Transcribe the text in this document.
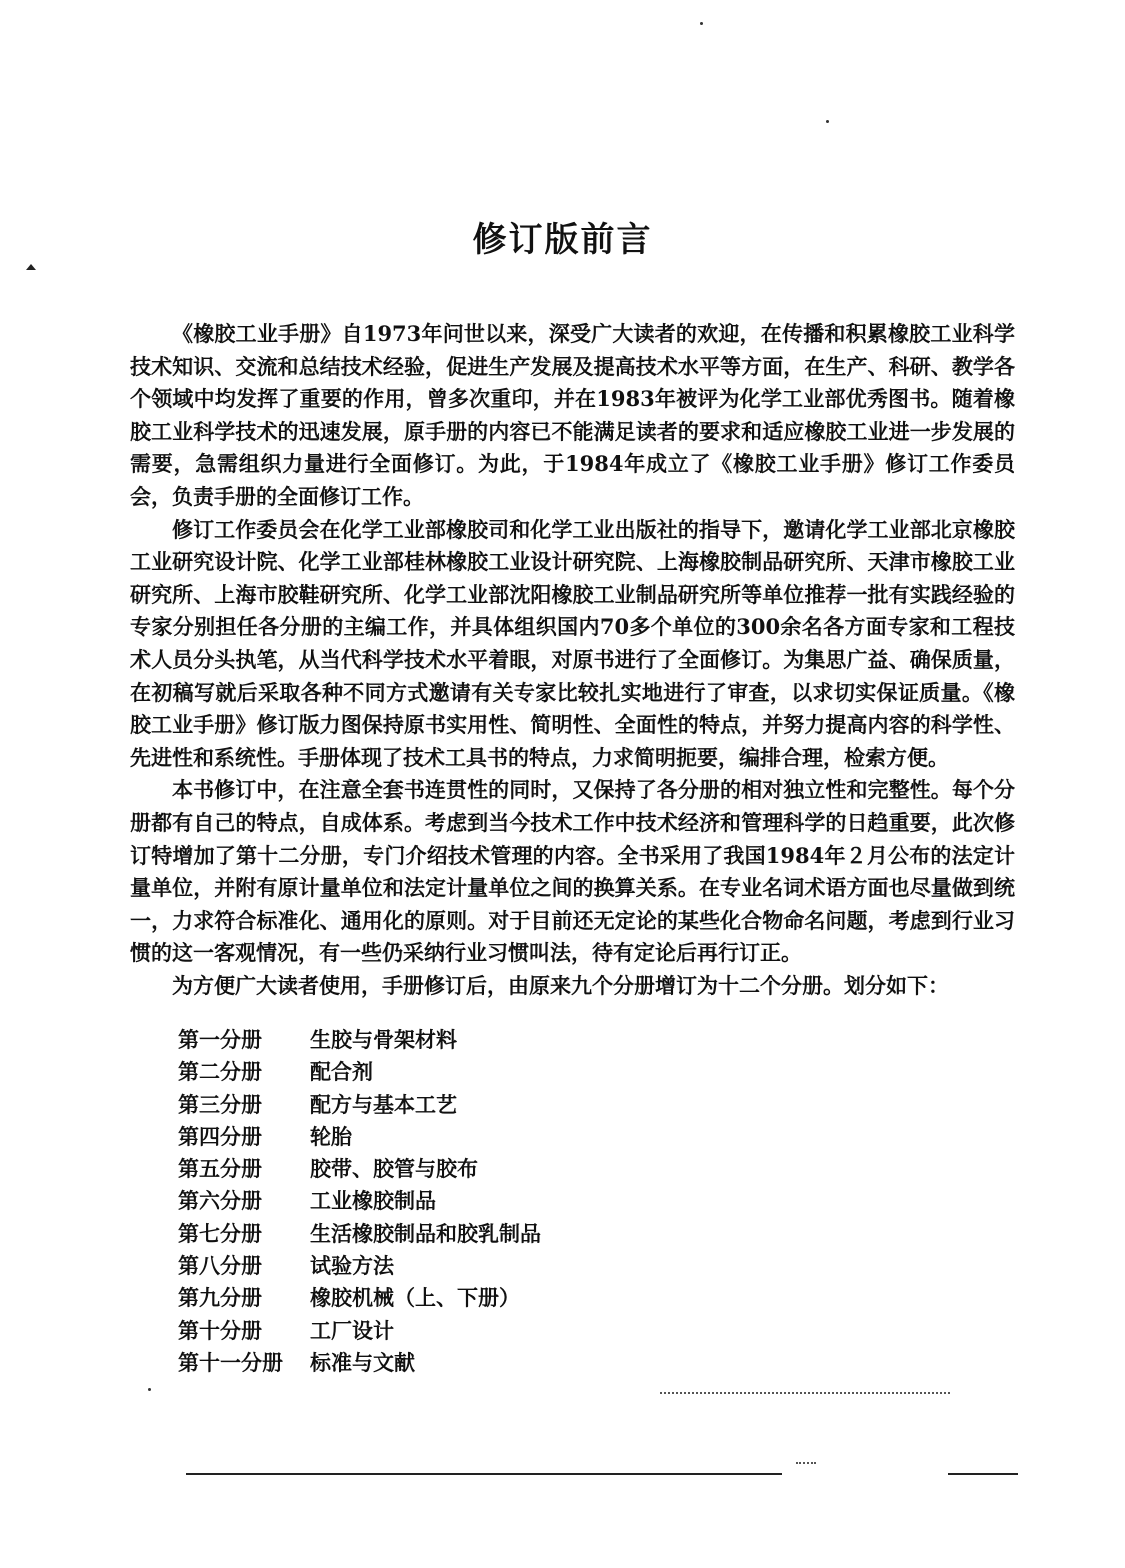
修订版前言

《橡胶工业手册》自1973年问世以来，深受广大读者的欢迎，在传播和积累橡胶工业科学技术知识、交流和总结技术经验，促进生产发展及提高技术水平等方面，在生产、科研、教学各个领域中均发挥了重要的作用，曾多次重印，并在1983年被评为化学工业部优秀图书。随着橡胶工业科学技术的迅速发展，原手册的内容已不能满足读者的要求和适应橡胶工业进一步发展的需要，急需组织力量进行全面修订。为此，于1984年成立了《橡胶工业手册》修订工作委员会，负责手册的全面修订工作。

修订工作委员会在化学工业部橡胶司和化学工业出版社的指导下，邀请化学工业部北京橡胶工业研究设计院、化学工业部桂林橡胶工业设计研究院、上海橡胶制品研究所、天津市橡胶工业研究所、上海市胶鞋研究所、化学工业部沈阳橡胶工业制品研究所等单位推荐一批有实践经验的专家分别担任各分册的主编工作，并具体组织国内70多个单位的300余名各方面专家和工程技术人员分头执笔，从当代科学技术水平着眼，对原书进行了全面修订。为集思广益、确保质量，在初稿写就后采取各种不同方式邀请有关专家比较扎实地进行了审查，以求切实保证质量。《橡胶工业手册》修订版力图保持原书实用性、简明性、全面性的特点，并努力提高内容的科学性、先进性和系统性。手册体现了技术工具书的特点，力求简明扼要，编排合理，检索方便。

本书修订中，在注意全套书连贯性的同时，又保持了各分册的相对独立性和完整性。每个分册都有自己的特点，自成体系。考虑到当今技术工作中技术经济和管理科学的日趋重要，此次修订特增加了第十二分册，专门介绍技术管理的内容。全书采用了我国1984年２月公布的法定计量单位，并附有原计量单位和法定计量单位之间的换算关系。在专业名词术语方面也尽量做到统一，力求符合标准化、通用化的原则。对于目前还无定论的某些化合物命名问题，考虑到行业习惯的这一客观情况，有一些仍采纳行业习惯叫法，待有定论后再行订正。

为方便广大读者使用，手册修订后，由原来九个分册增订为十二个分册。划分如下：

第一分册 生胶与骨架材料
第二分册 配合剂
第三分册 配方与基本工艺
第四分册 轮胎
第五分册 胶带、胶管与胶布
第六分册 工业橡胶制品
第七分册 生活橡胶制品和胶乳制品
第八分册 试验方法
第九分册 橡胶机械（上、下册）
第十分册 工厂设计
第十一分册 标准与文献
